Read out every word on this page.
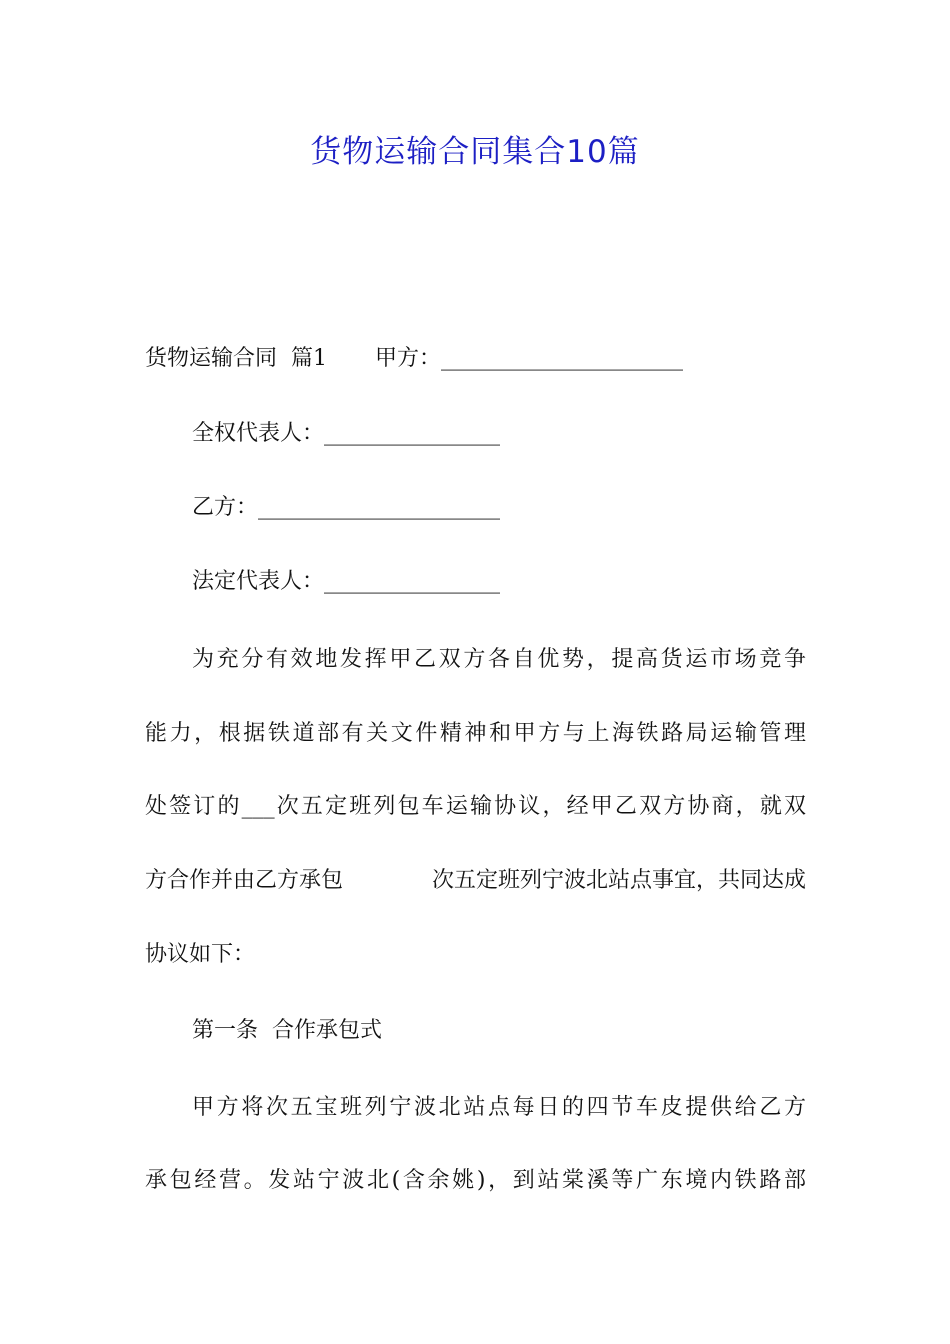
货物运输合同集合10篇
货物运输合同 篇1 甲方：______________________
全权代表人：________________
乙方：______________________
法定代表人：________________
为充分有效地发挥甲乙双方各自优势，提高货运市场竞争
能力，根据铁道部有关文件精神和甲方与上海铁路局运输管理
处签订的___次五定班列包车运输协议，经甲乙双方协商，就双
方合作并由乙方承包	次五定班列宁波北站点事宜，共同达成
协议如下：
第一条  合作承包式
甲方将次五宝班列宁波北站点每日的四节车皮提供给乙方
承包经营。发站宁波北(含余姚)，到站棠溪等广东境内铁路部
